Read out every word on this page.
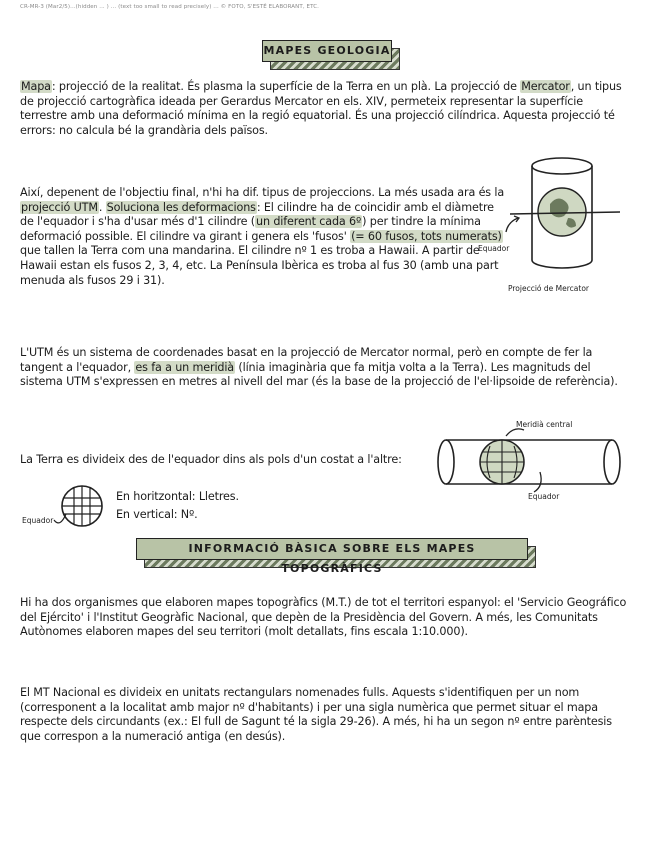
CR-MR-3 (Mar2/5)...(hidden ... ) ... (text too small to read precisely) ... © FOTO, S'ESTÉ ELABORANT, ETC.
MAPES GEOLOGIA

Mapa: projecció de la realitat. És plasma la superfície de la Terra en un plà. La projecció de Mercator, un tipus de projecció cartogràfica ideada per Gerardus Mercator en els. XIV, permeteix representar la superfície terrestre amb una deformació mínima en la regió equatorial. És una projecció cilíndrica. Aquesta projecció té errors: no calcula bé la grandària dels països.

Així, depenent de l'objectiu final, n'hi ha dif. tipus de projeccions. La més usada ara és la projecció UTM. Soluciona les deformacions: El cilindre ha de coincidir amb el diàmetre de l'equador i s'ha d'usar més d'1 cilindre (un diferent cada 6º) per tindre la mínima deformació possible. El cilindre va girant i genera els 'fusos' (= 60 fusos, tots numerats) que tallen la Terra com una mandarina. El cilindre nº 1 es troba a Hawaii. A partir de Hawaii estan els fusos 2, 3, 4, etc. La Península Ibèrica es troba al fus 30 (amb una part menuda als fusos 29 i 31).

L'UTM és un sistema de coordenades basat en la projecció de Mercator normal, però en compte de fer la tangent a l'equador, es fa a un meridià (línia imaginària que fa mitja volta a la Terra). Les magnituds del sistema UTM s'expressen en metres al nivell del mar (és la base de la projecció de l'el·lipsoide de referència).

La Terra es divideix des de l'equador dins als pols d'un costat a l'altre:

En horitzontal: Lletres.

En vertical: Nº.

Equador
Projecció de Mercator
Meridià central
Equador
Equador
INFORMACIÓ BÀSICA SOBRE ELS MAPES TOPOGRÀFICS

Hi ha dos organismes que elaboren mapes topogràfics (M.T.) de tot el territori espanyol: el 'Servicio Geográfico del Ejército' i l'Institut Geogràfic Nacional, que depèn de la Presidència del Govern. A més, les Comunitats Autònomes elaboren mapes del seu territori (molt detallats, fins escala 1:10.000).

El MT Nacional es divideix en unitats rectangulars nomenades fulls. Aquests s'identifiquen per un nom (corresponent a la localitat amb major nº d'habitants) i per una sigla numèrica que permet situar el mapa respecte dels circundants (ex.: El full de Sagunt té la sigla 29-26). A més, hi ha un segon nº entre parèntesis que correspon a la numeració antiga (en desús).
